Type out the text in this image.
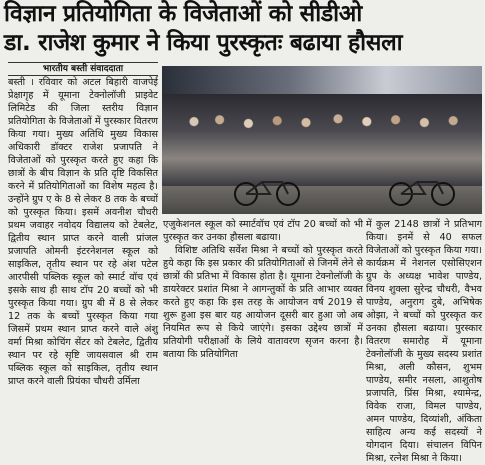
विज्ञान प्रतियोगिता के विजेताओं को सीडीओ
डा. राजेश कुमार ने किया पुरस्कृतः बढाया हौसला
भारतीय बस्ती संवाददाता

बस्ती । रविवार को अटल बिहारी वाजपेई प्रेक्षागृह में यूमाना टेक्नोलॉजी प्राइवेट लिमिटेड की जिला स्तरीय विज्ञान प्रतियोगिता के विजेताओं में पुरस्कार वितरण किया गया। मुख्य अतिथि मुख्य विकास अधिकारी डॉक्टर राजेश प्रजापति ने विजेताओं को पुरस्कृत करते हुए कहा कि छात्रों के बीच विज्ञान के प्रति दृष्टि विकसित करने में प्रतियोगिताओं का विशेष महत्व है। उन्होंने ग्रुप ए के 8 से लेकर 8 तक के बच्चों को पुरस्कृत किया। इसमें अवनीश चौधरी प्रथम जवाहर नवोदय विद्यालय को टेबलेट, द्वितीय स्थान प्राप्त करने वाली प्रांजल प्रजापति ओमनी इंटरनेशनल स्कूल को साइकिल, तृतीय स्थान पर रहे अंश पटेल आरपीसी पब्लिक स्कूल को स्मार्ट वॉच एवं इसके साथ ही साथ टॉप 20 बच्चों को भी पुरस्कृत किया गया। ग्रुप बी में 8 से लेकर 12 तक के बच्चों पुरस्कृत किया गया जिसमें प्रथम स्थान प्राप्त करने वाले अंशु वर्मा मिश्रा कोचिंग सेंटर को टेबलेट, द्वितीय स्थान पर रहे सृष्टि जायसवाल श्री राम पब्लिक स्कूल को साइकिल, तृतीय स्थान प्राप्त करने वाली प्रियंका चौधरी उर्मिला

एजुकेशनल स्कूल को स्मार्टवॉच एवं टॉप 20 बच्चों को भी पुरस्कृत कर उनका हौसला बढाया।

विशिष्ट अतिथि सर्वेश मिश्रा ने बच्चों को पुरस्कृत करते हुये कहा कि इस प्रकार की प्रतियोगिताओं से जिनमें लेने से छात्रों की प्रतिभा में विकास होता है। यूमाना टेक्नोलॉजी के डायरेक्टर प्रशांत मिश्रा ने आगन्तुकों के प्रति आभार व्यक्त करते हुए कहा कि इस तरह के आयोजन वर्ष 2019 से शुरू हुआ इस बार यह आयोजन दूसरी बार हुआ जो अब नियमित रूप से किये जाएंगे। इसका उद्देश्य छात्रों में प्रतियोगी परीक्षाओं के लिये वातावरण सृजन करना है। बताया कि प्रतियोगिता

में कुल 2148 छात्रों ने प्रतिभाग किया। इनमें से 40 सफल विजेताओं को पुरस्कृत किया गया। कार्यक्रम में नेशनल एसोसिएशन ग्रुप के अध्यक्ष भावेश पाण्डेय, विनय शुक्ला सुरेन्द्र चौधरी, वैभव पाण्डेय, अनुराग दुबे, अभिषेक ओझा, ने बच्चों को पुरस्कृत कर उनका हौसला बढाया। पुरस्कार वितरण समारोह में यूमाना टेक्नोलॉजी के मुख्य सदस्य प्रशांत मिश्रा, अली कौसन, शुभम पाण्डेय, समीर नसला, आशुतोष प्रजापति, प्रिंस मिश्रा, श्यामेन्द्र, विवेक राजा, विमल पाण्डेय, अमन पाण्डेय, दिव्यांशी, अंकिता साहित्य अन्य कई सदस्यों ने योगदान दिया। संचालन विपिन मिश्रा, रत्नेश मिश्रा ने किया।
